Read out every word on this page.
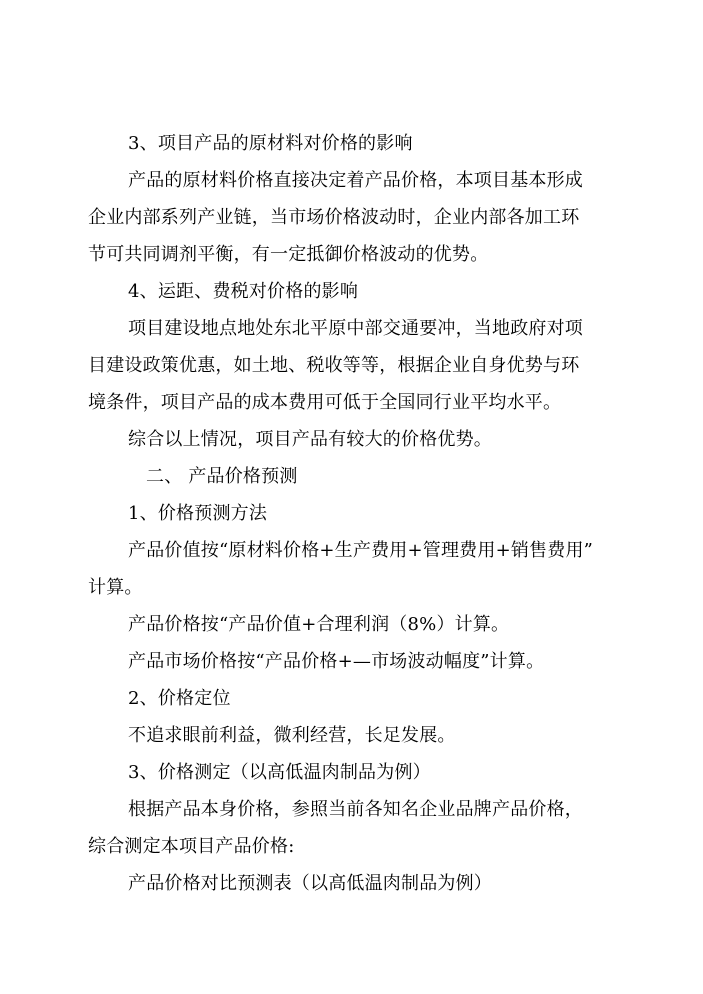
3、项目产品的原材料对价格的影响
产品的原材料价格直接决定着产品价格，本项目基本形成
企业内部系列产业链，当市场价格波动时，企业内部各加工环
节可共同调剂平衡，有一定抵御价格波动的优势。
4、运距、费税对价格的影响
项目建设地点地处东北平原中部交通要冲，当地政府对项
目建设政策优惠，如土地、税收等等，根据企业自身优势与环
境条件，项目产品的成本费用可低于全国同行业平均水平。
综合以上情况，项目产品有较大的价格优势。
二、 产品价格预测
1、价格预测方法
产品价值按“原材料价格+生产费用+管理费用+销售费用”
计算。
产品价格按“产品价值+合理利润（8%）计算。
产品市场价格按“产品价格+—市场波动幅度”计算。
2、价格定位
不追求眼前利益，微利经营，长足发展。
3、价格测定（以高低温肉制品为例）
根据产品本身价格，参照当前各知名企业品牌产品价格，
综合测定本项目产品价格:
产品价格对比预测表（以高低温肉制品为例）
